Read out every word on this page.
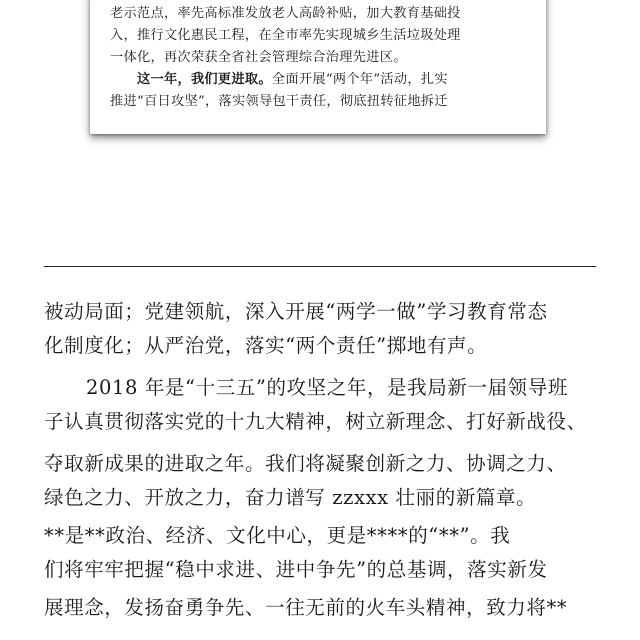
老示范点，率先高标准发放老人高龄补贴，加大教育基础投
入，推行文化惠民工程，在全市率先实现城乡生活垃圾处理
一体化，再次荣获全省社会管理综合治理先进区。
这一年，我们更进取。全面开展“两个年”活动，扎实
推进“百日攻坚”，落实领导包干责任，彻底扭转征地拆迁
被动局面；党建领航，深入开展“两学一做”学习教育常态
化制度化；从严治党，落实“两个责任”掷地有声。
2018 年是“十三五”的攻坚之年，是我局新一届领导班
子认真贯彻落实党的十九大精神，树立新理念、打好新战役、
夺取新成果的进取之年。我们将凝聚创新之力、协调之力、
绿色之力、开放之力，奋力谱写 zzxxx 壮丽的新篇章。
**是**政治、经济、文化中心，更是****的“**”。我
们将牢牢把握“稳中求进、进中争先”的总基调，落实新发
展理念，发扬奋勇争先、一往无前的火车头精神，致力将**
